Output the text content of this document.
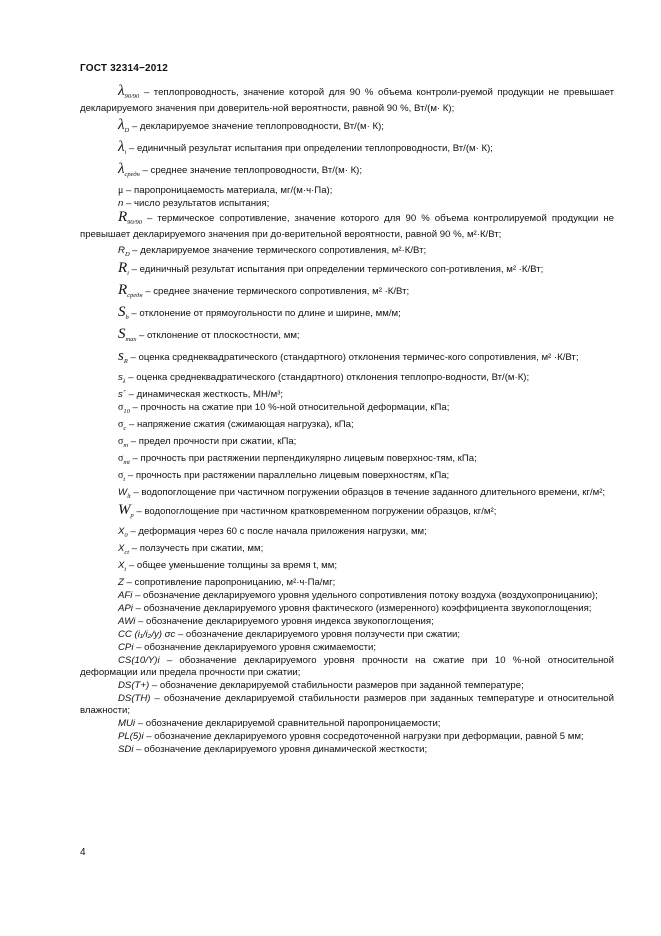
ГОСТ 32314−2012

$\lambda_{90/90}$ – теплопроводность, значение которой для 90 % объема контроли-руемой продукции не превышает декларируемого значения при доверитель-ной вероятности, равной 90 %, Вт/(м· К);

$\lambda_D$ – декларируемое значение теплопроводности, Вт/(м· К);

$\lambda_i$ – единичный результат испытания при определении теплопроводности, Вт/(м· К);

$\lambda_{средн}$ – среднее значение теплопроводности, Вт/(м· К);

μ – паропроницаемость материала, мг/(м·ч·Па);

n – число результатов испытания;

$R_{90/90}$ – термическое сопротивление, значение которого для 90 % объема контролируемой продукции не превышает декларируемого значения при до-верительной вероятности, равной 90 %, м²·К/Вт;

$R_D$ – декларируемое значение термического сопротивления, м²·К/Вт;

$R_i$ – единичный результат испытания при определении термического соп-ротивления, м² ·К/Вт;

$R_{средн}$ – среднее значение термического сопротивления, м² ·К/Вт;

$S_b$ – отклонение от прямоугольности по длине и ширине, мм/м;

$S_{max}$ – отклонение от плоскостности, мм;

$s_R$ – оценка среднеквадратического (стандартного) отклонения термичес-кого сопротивления, м² ·К/Вт;

$s_\lambda$ – оценка среднеквадратического (стандартного) отклонения теплопро-водности, Вт/(м·К);

s´ – динамическая жесткость, МН/м³;

$\sigma_{10}$ – прочность на сжатие при 10 %-ной относительной деформации, кПа;

$\sigma_c$ – напряжение сжатия (сжимающая нагрузка), кПа;

$\sigma_m$ – предел прочности при сжатии, кПа;

$\sigma_{mt}$ – прочность при растяжении перпендикулярно лицевым поверхнос-тям, кПа;

$\sigma_t$ – прочность при растяжении параллельно лицевым поверхностям, кПа;

$W_{lt}$ – водопоглощение при частичном погружении образцов в течение заданного длительного времени, кг/м²;

$W_p$ – водопоглощение при частичном кратковременном погружении образцов, кг/м²;

$X_0$ – деформация через 60 с после начала приложения нагрузки, мм;

$X_{ct}$ – ползучесть при сжатии, мм;

$X_t$ – общее уменьшение толщины за время t, мм;

Z – сопротивление паропроницанию, м²·ч·Па/мг;

AFi – обозначение декларируемого уровня удельного сопротивления потоку воздуха (воздухопроницанию);

APi – обозначение декларируемого уровня фактического (измеренного) коэффициента звукопоглощения;

AWi – обозначение декларируемого уровня индекса звукопоглощения;

CC (i₁/i₂/y) σc – обозначение декларируемого уровня ползучести при сжатии;

CPi – обозначение декларируемого уровня сжимаемости;

CS(10/Y)i – обозначение декларируемого уровня прочности на сжатие при 10 %-ной относительной деформации или предела прочности при сжатии;

DS(T+) – обозначение декларируемой стабильности размеров при заданной температуре;

DS(TH) – обозначение декларируемой стабильности размеров при заданных температуре и относительной влажности;

MUi – обозначение декларируемой сравнительной паропроницаемости;

PL(5)i – обозначение декларируемого уровня сосредоточенной нагрузки при деформации, равной 5 мм;

SDi – обозначение декларируемого уровня динамической жесткости;

4
